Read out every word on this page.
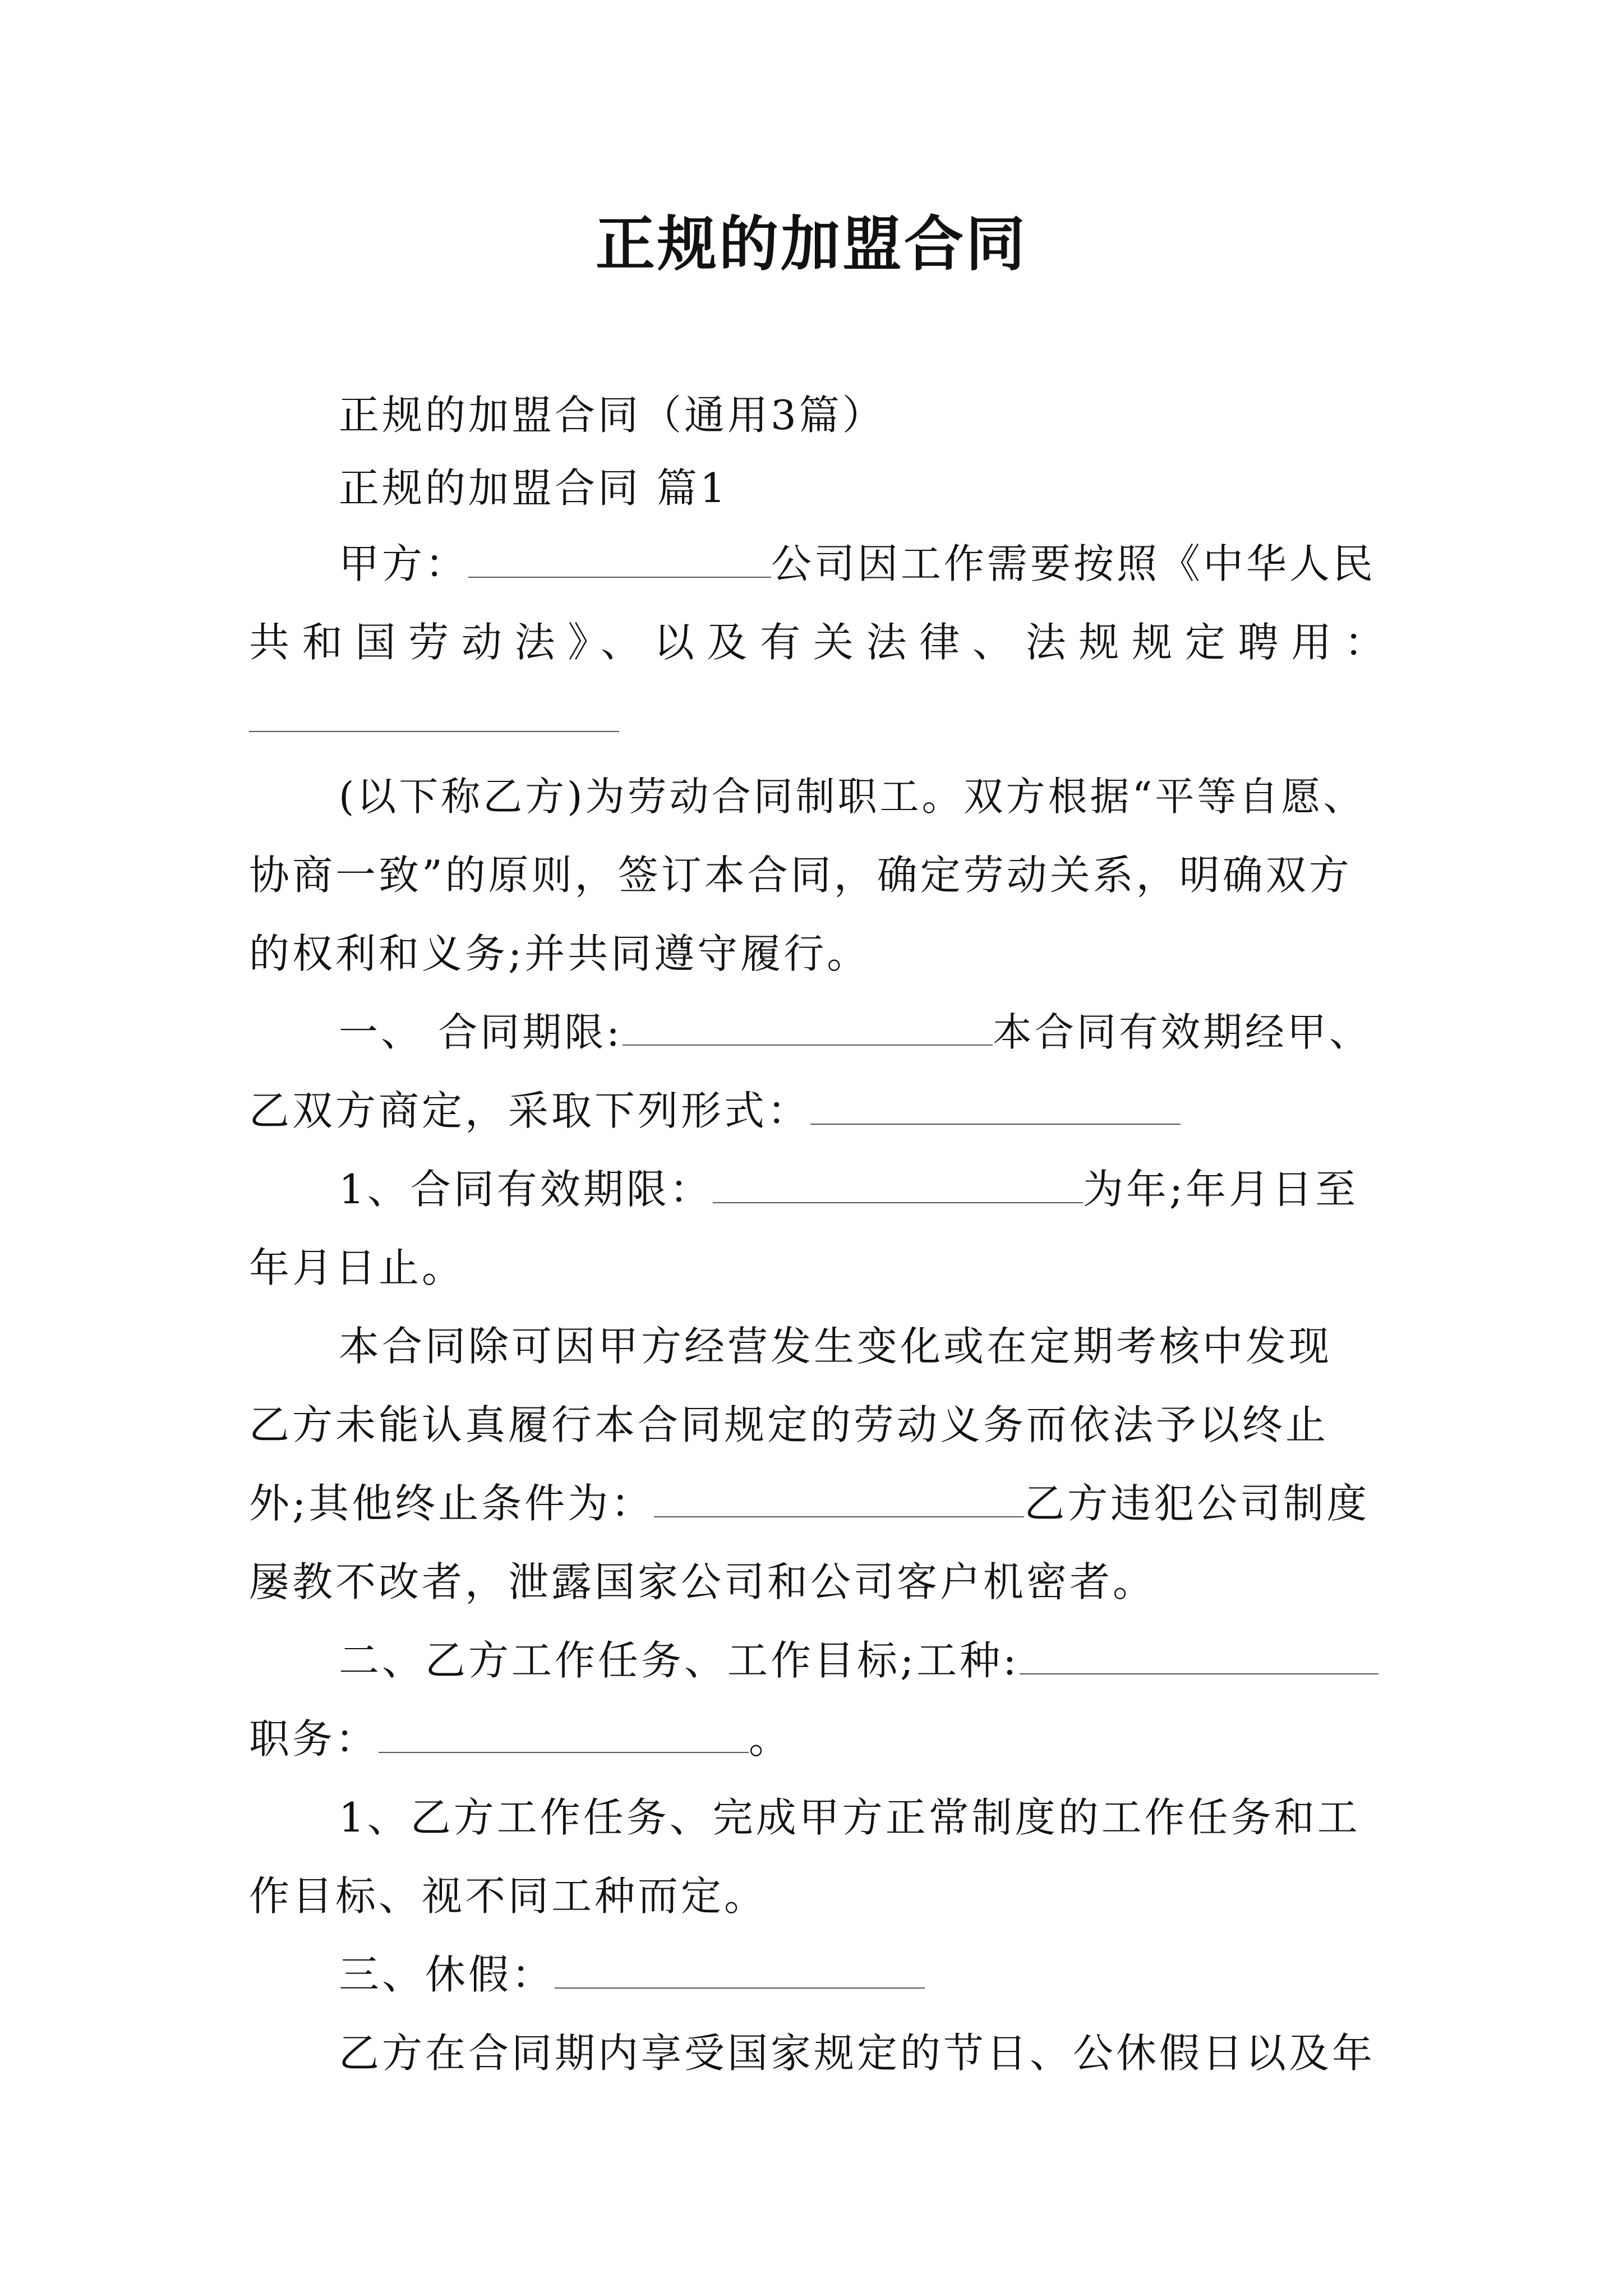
正规的加盟合同
正规的加盟合同（通用3篇）
正规的加盟合同 篇1
甲方：	公司因工作需要按照《中华人民
共和国劳动法》、以及有关法律、法规规定聘用：
(以下称乙方)为劳动合同制职工。双方根据“平等自愿、
协商一致”的原则，签订本合同，确定劳动关系，明确双方
的权利和义务;并共同遵守履行。
一、 合同期限:	本合同有效期经甲、
乙双方商定，采取下列形式：
1、合同有效期限：	为年;年月日至
年月日止。
本合同除可因甲方经营发生变化或在定期考核中发现
乙方未能认真履行本合同规定的劳动义务而依法予以终止
外;其他终止条件为：	乙方违犯公司制度
屡教不改者，泄露国家公司和公司客户机密者。
二、乙方工作任务、工作目标;工种:
职务：	。
1、乙方工作任务、完成甲方正常制度的工作任务和工
作目标、视不同工种而定。
三、休假：
乙方在合同期内享受国家规定的节日、公休假日以及年
